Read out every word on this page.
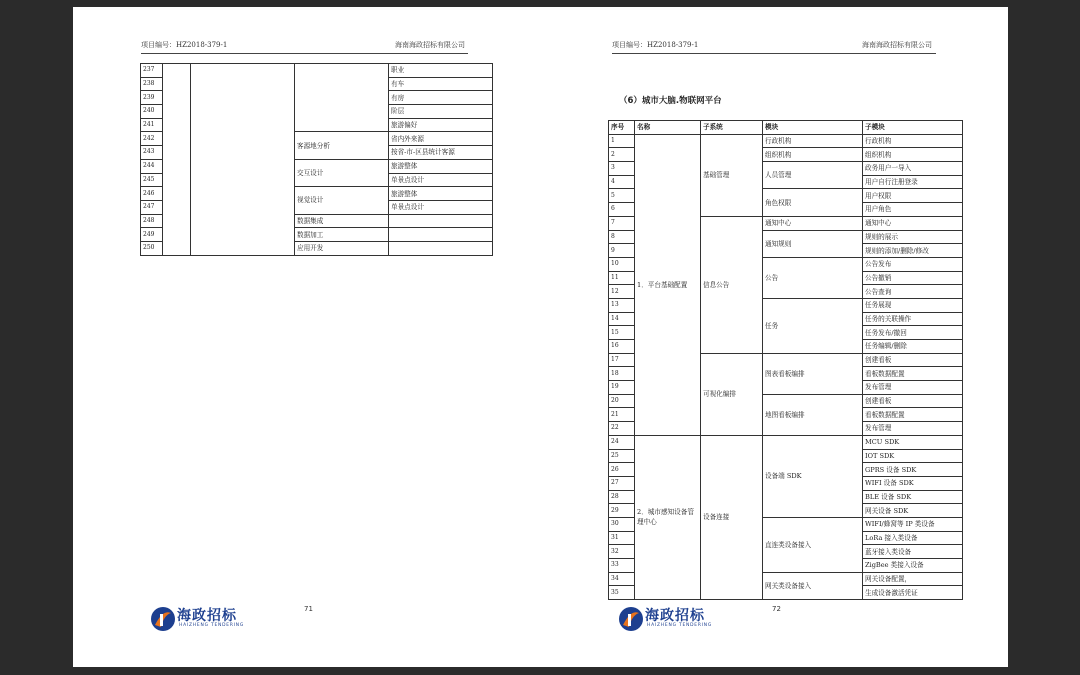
项目编号：HZ2018-379-1	海南海政招标有限公司
237				职业
238				有车
239				有房
240				阶层
241				旅游偏好
242			客源地分析	省内外来源
243				按省-市-区县统计客源
244			交互设计	旅游整体
245				单景点设计
246			视觉设计	旅游整体
247				单景点设计
248			数据集成	
249			数据加工	
250			应用开发	
海政招标
HAIZHENG TENDERING
71
项目编号：HZ2018-379-1	海南海政招标有限公司
（6）城市大脑.物联网平台
序号	名称	子系统	模块	子模块
1	1．平台基础配置	基础管理	行政机构	行政机构
2			组织机构	组织机构
3			人员管理	政务用户一导入
4				用户自行注册登录
5			角色权限	用户权限
6				用户角色
7		信息公告	通知中心	通知中心
8			通知规则	规则的展示
9				规则的添加/删除/修改
10			公告	公告发布
11				公告撤销
12				公告查询
13			任务	任务展现
14				任务的关联操作
15				任务发布/撤回
16				任务编辑/删除
17		可视化编排	图表看板编排	创建看板
18				看板数据配置
19				发布管理
20			地图看板编排	创建看板
21				看板数据配置
22				发布管理
24	2．城市感知设备管理中心	设备连接	设备端 SDK	MCU SDK
25				IOT SDK
26				GPRS 设备 SDK
27				WIFI 设备 SDK
28				BLE 设备 SDK
29				网关设备 SDK
30			直连类设备接入	WIFI/蜂窝等 IP 类设备
31				LoRa 接入类设备
32				蓝牙接入类设备
33				ZigBee 类接入设备
34			网关类设备接入	网关设备配置，
35				生成设备激活凭证
海政招标
HAIZHENG TENDERING
72
